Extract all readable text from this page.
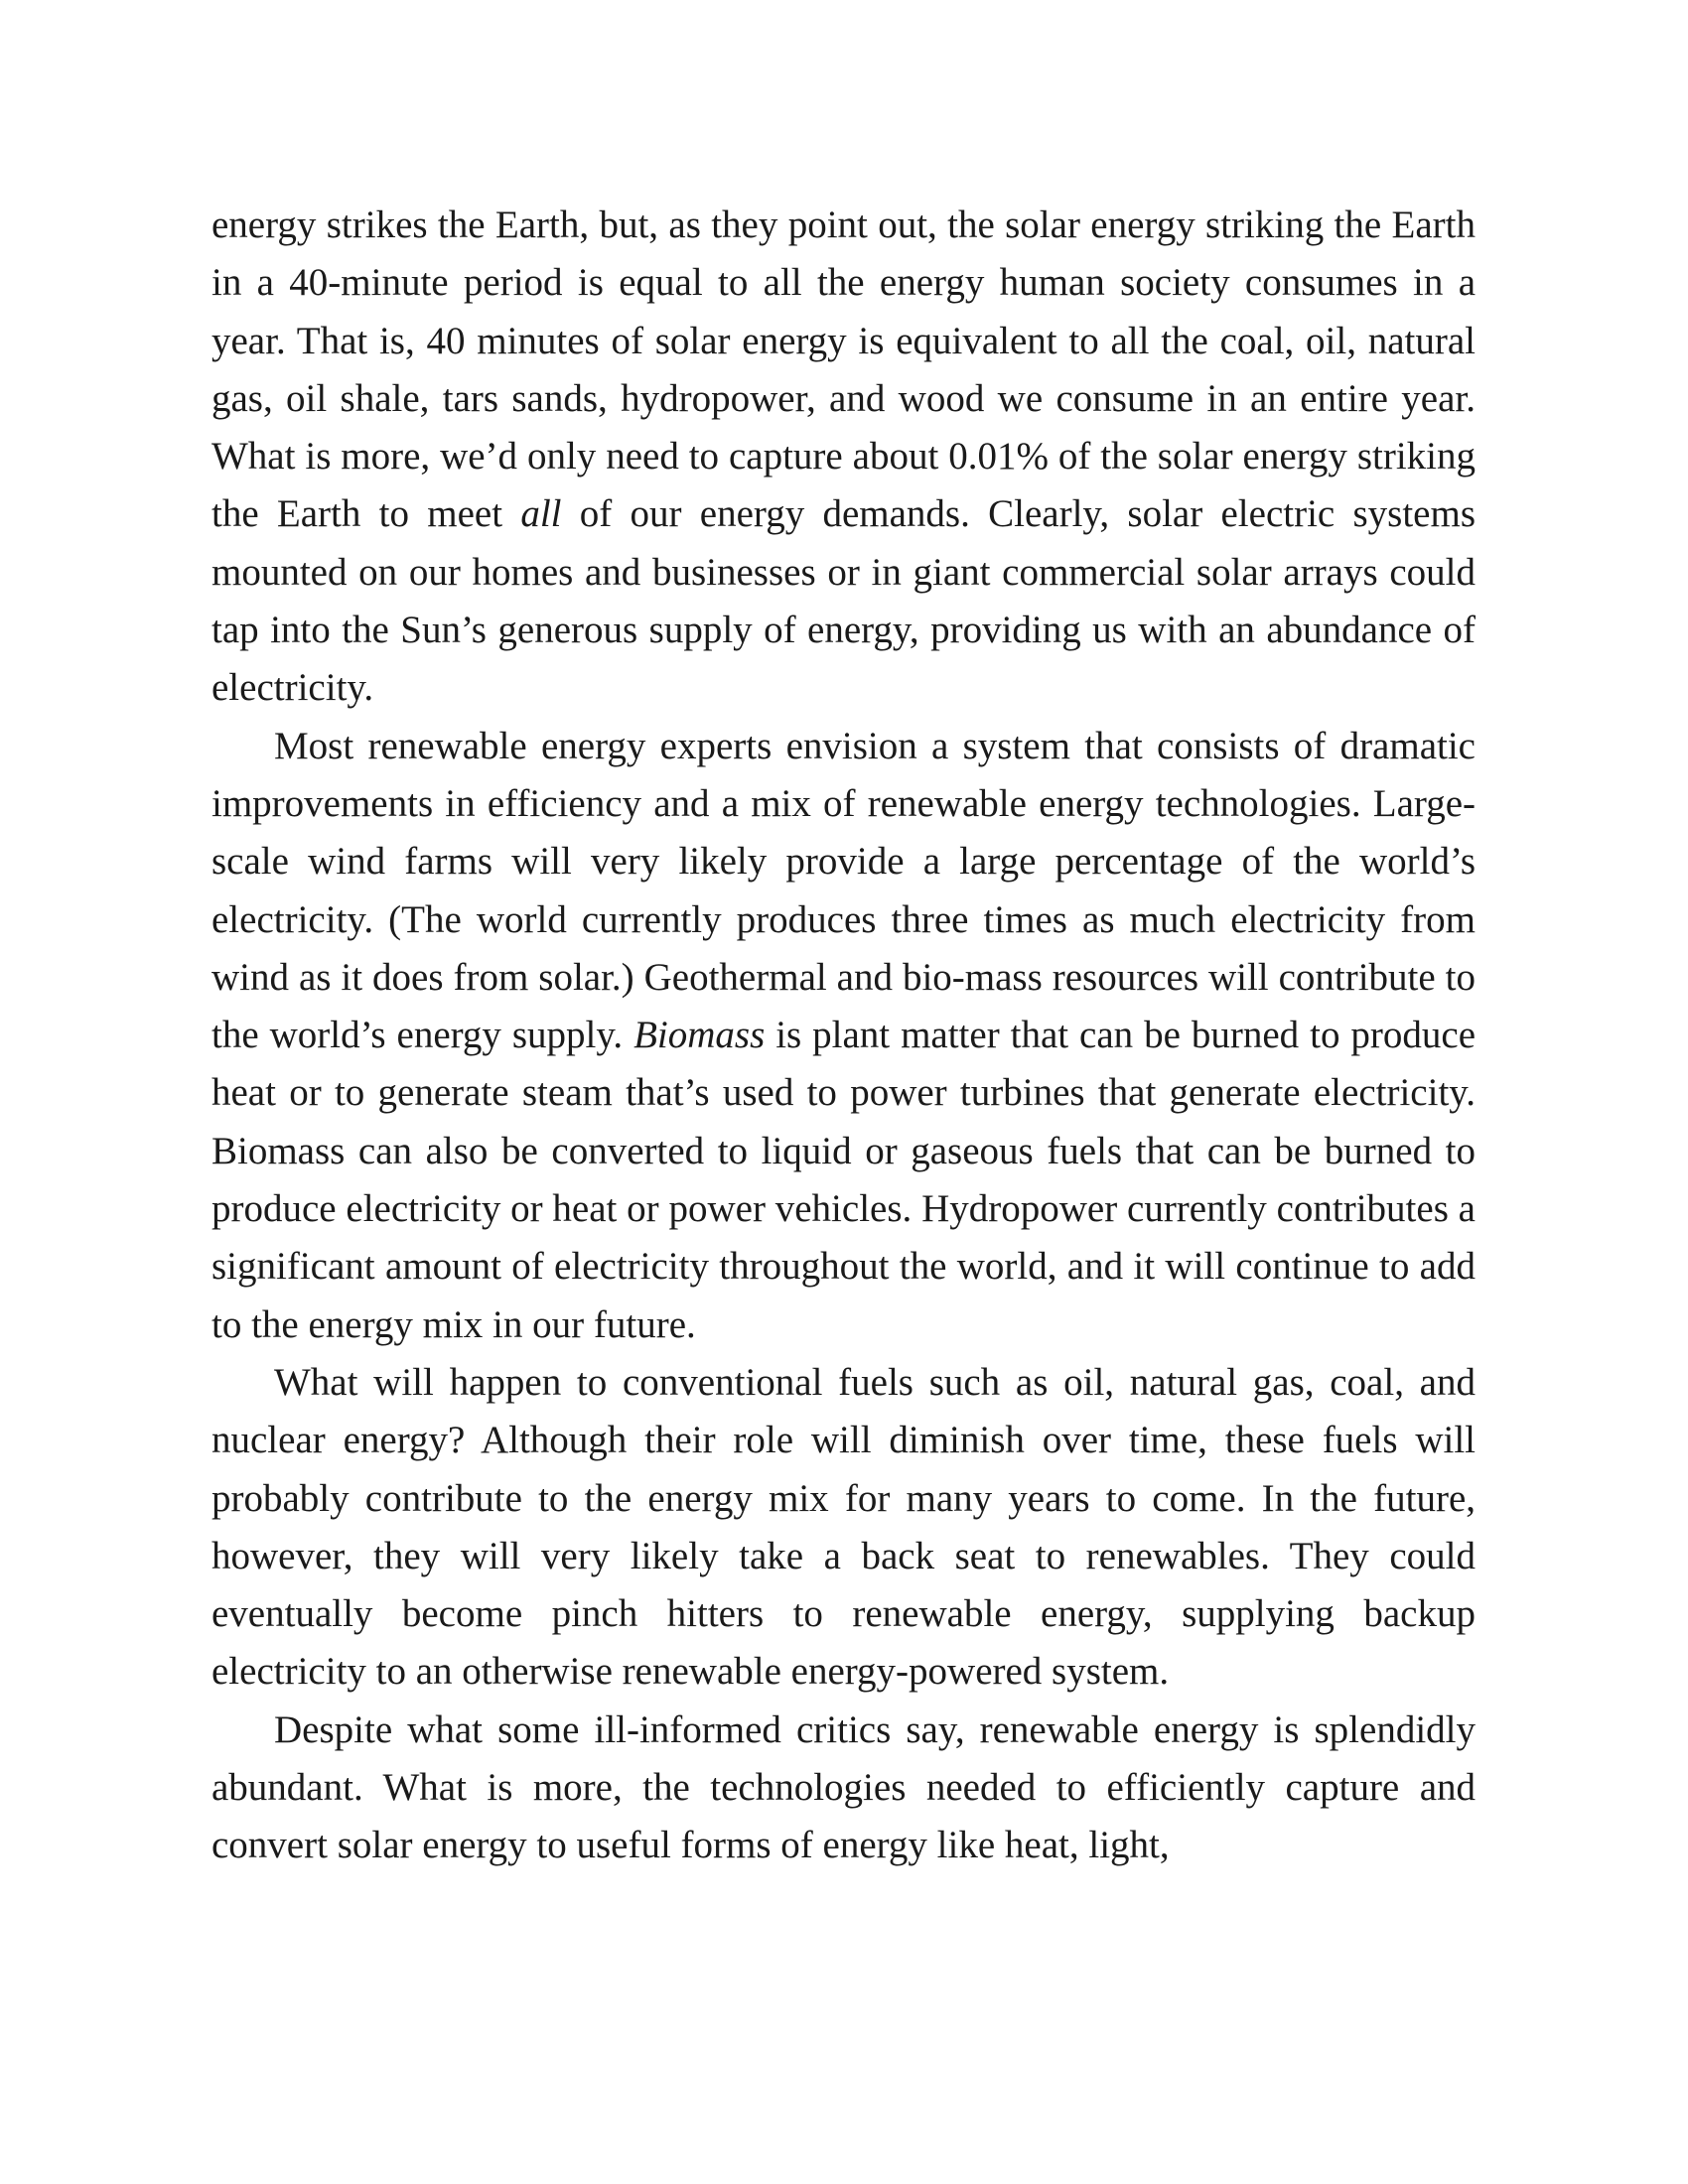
energy strikes the Earth, but, as they point out, the solar energy striking the Earth in a 40-minute period is equal to all the energy human society consumes in a year. That is, 40 minutes of solar energy is equivalent to all the coal, oil, natural gas, oil shale, tars sands, hydropower, and wood we consume in an entire year. What is more, we’d only need to capture about 0.01% of the solar energy striking the Earth to meet all of our energy demands. Clearly, solar electric systems mounted on our homes and businesses or in giant commercial solar arrays could tap into the Sun’s generous supply of energy, providing us with an abundance of electricity.

Most renewable energy experts envision a system that consists of dramatic improvements in efficiency and a mix of renewable energy technologies. Large-scale wind farms will very likely provide a large percentage of the world’s electricity. (The world currently produces three times as much electricity from wind as it does from solar.) Geothermal and bio-mass resources will contribute to the world’s energy supply. Biomass is plant matter that can be burned to produce heat or to generate steam that’s used to power turbines that generate electricity. Biomass can also be converted to liquid or gaseous fuels that can be burned to produce electricity or heat or power vehicles. Hydropower currently contributes a significant amount of electricity throughout the world, and it will continue to add to the energy mix in our future.

What will happen to conventional fuels such as oil, natural gas, coal, and nuclear energy? Although their role will diminish over time, these fuels will probably contribute to the energy mix for many years to come. In the future, however, they will very likely take a back seat to renewables. They could eventually become pinch hitters to renewable energy, supplying backup electricity to an otherwise renewable energy-powered system.

Despite what some ill-informed critics say, renewable energy is splendidly abundant. What is more, the technologies needed to efficiently capture and convert solar energy to useful forms of energy like heat, light,
